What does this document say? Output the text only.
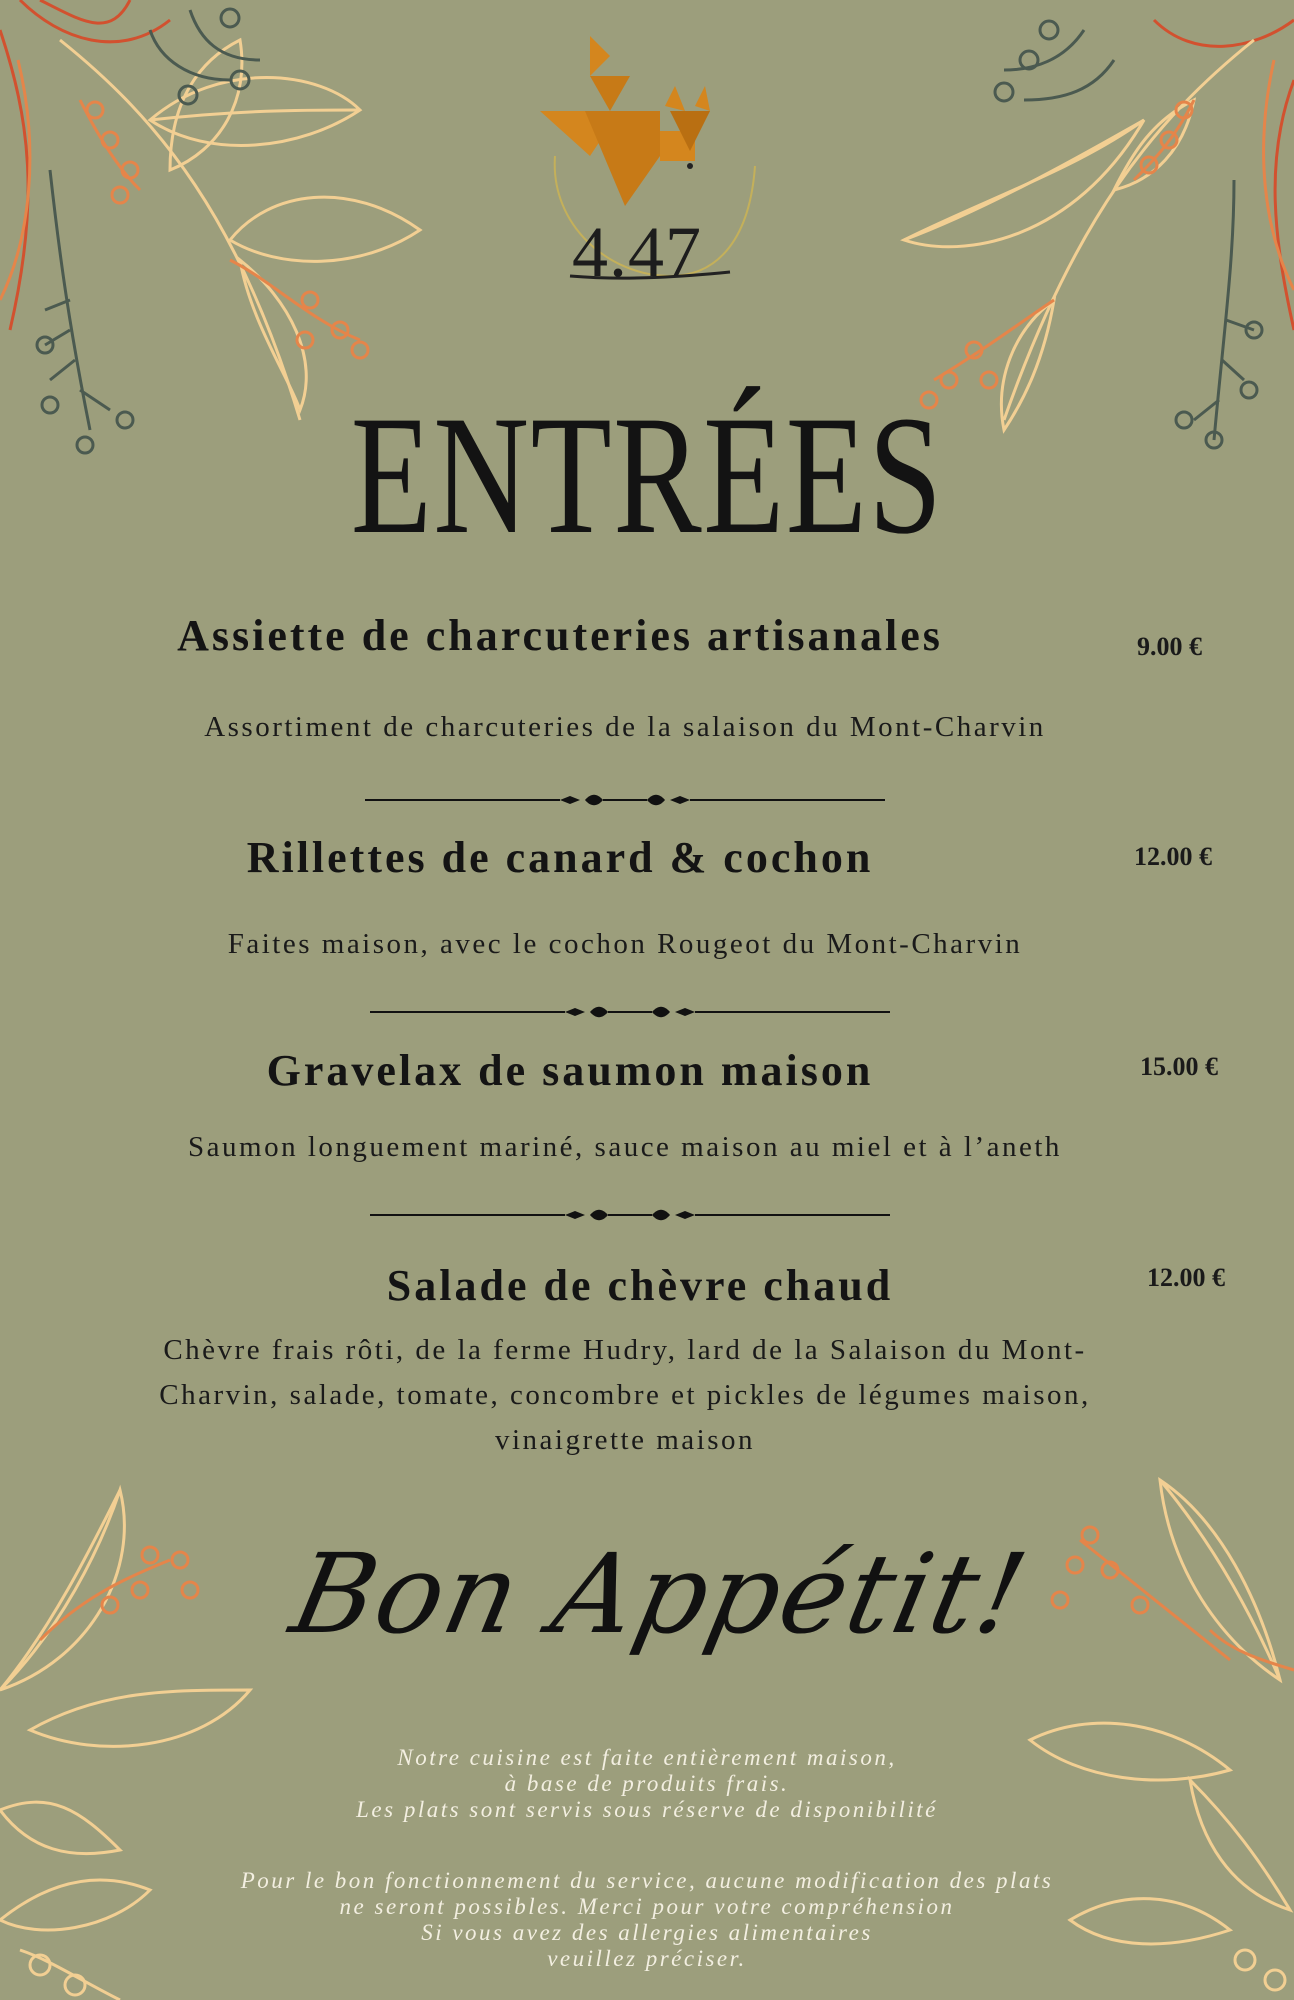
4.47
ENTRÉES
Assiette de charcuteries artisanales	9.00 €
Assortiment de charcuteries de la salaison du Mont-Charvin
Rillettes de canard & cochon	12.00 €
Faites maison, avec le cochon Rougeot du Mont-Charvin
Gravelax de saumon maison	15.00 €
Saumon longuement mariné, sauce maison au miel et à l’aneth
Salade de chèvre chaud	12.00 €
Chèvre frais rôti, de la ferme Hudry, lard de la Salaison du Mont-
Charvin, salade, tomate, concombre et pickles de légumes maison,
vinaigrette maison
Bon Appétit!
Notre cuisine est faite entièrement maison,
à base de produits frais.
Les plats sont servis sous réserve de disponibilité
Pour le bon fonctionnement du service, aucune modification des plats
ne seront possibles. Merci pour votre compréhension
Si vous avez des allergies alimentaires
veuillez préciser.
